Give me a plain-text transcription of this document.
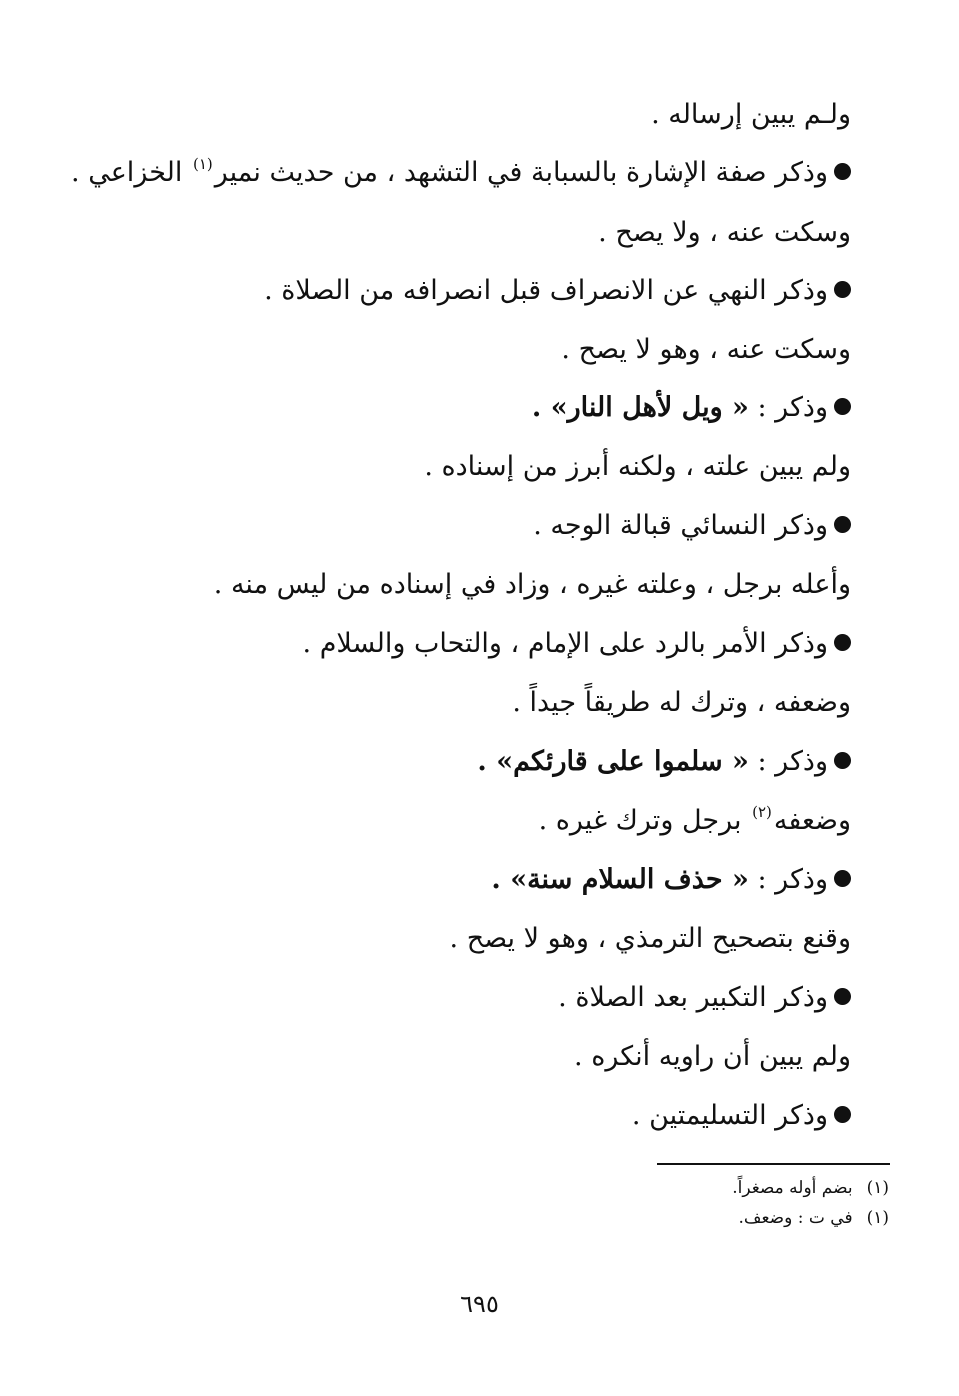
ولـم يبين إرساله .
وذكر صفة الإشارة بالسبابة في التشهد ، من حديث نمير$^{(١)}$ الخزاعي .
وسكت عنه ، ولا يصح .
وذكر النهي عن الانصراف قبل انصرافه من الصلاة .
وسكت عنه ، وهو لا يصح .
وذكر : « ويل لأهل النار» .
ولم يبين علته ، ولكنه أبرز من إسناده .
وذكر النسائي قبالة الوجه .
وأعله برجل ، وعلته غيره ، وزاد في إسناده من ليس منه .
وذكر الأمر بالرد على الإمام ، والتحاب والسلام .
وضعفه ، وترك له طريقاً جيداً .
وذكر : « سلموا على قارئكم» .
وضعفه$^{(٢)}$ برجل وترك غيره .
وذكر : « حذف السلام سنة» .
وقنع بتصحيح الترمذي ، وهو لا يصح .
وذكر التكبير بعد الصلاة .
ولم يبين أن راويه أنكره .
وذكر التسليمتين .
(١)بضم أوله مصغراً.
(١)في ت : وضعف.
٦٩٥
